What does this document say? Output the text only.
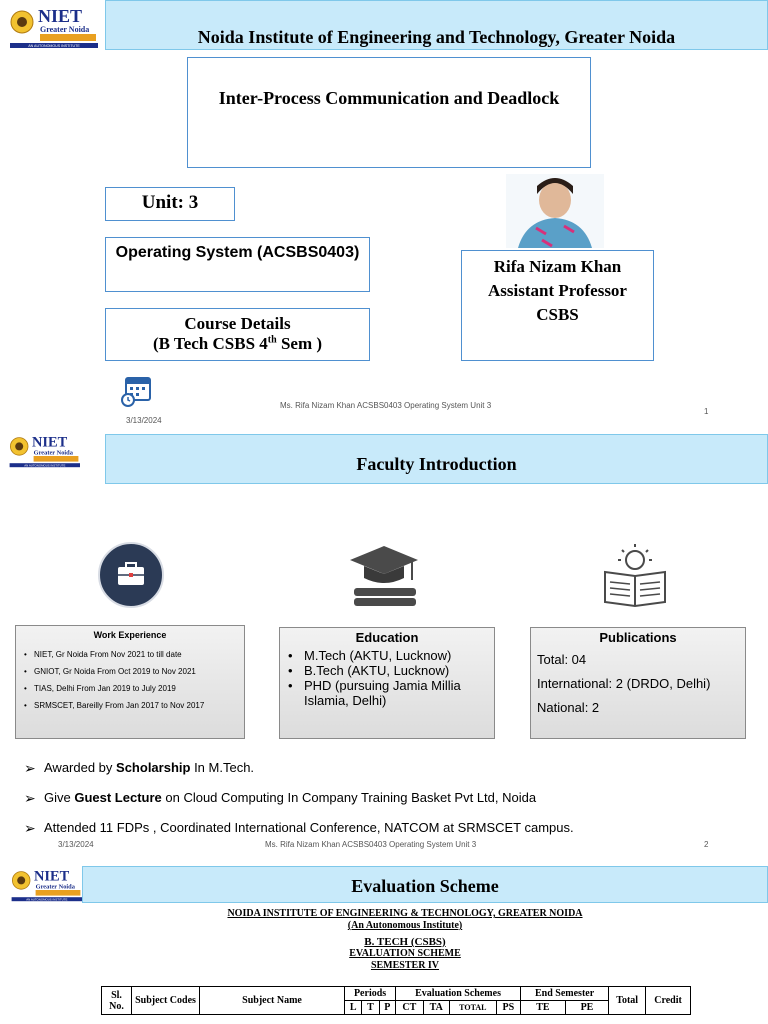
NIET
Greater Noida
AN AUTONOMOUS INSTITUTE	Noida Institute of Engineering and Technology, Greater Noida
Inter-Process Communication and Deadlock
Unit: 3
Operating System (ACSBS0403)
Course Details
(B Tech CSBS 4th Sem )
Rifa Nizam Khan
Assistant Professor
CSBS
3/13/2024
Ms. Rifa Nizam Khan ACSBS0403 Operating System Unit 3
1
NIET
Greater Noida
AN AUTONOMOUS INSTITUTE	Faculty Introduction
Work Experience
• NIET, Gr Noida From Nov 2021 to till date
• GNIOT, Gr Noida From Oct 2019 to Nov 2021
• TIAS, Delhi From Jan 2019 to July 2019
• SRMSCET, Bareilly From Jan 2017 to Nov 2017
Education
• M.Tech (AKTU, Lucknow)
• B.Tech (AKTU, Lucknow)
• PHD (pursuing Jamia Millia Islamia, Delhi)
Publications
Total: 04
International: 2 (DRDO, Delhi)
National: 2
➢ Awarded by Scholarship In M.Tech.
➢ Give Guest Lecture on Cloud Computing In Company Training Basket Pvt Ltd, Noida
➢ Attended 11 FDPs , Coordinated International Conference, NATCOM at SRMSCET campus.
3/13/2024	Ms. Rifa Nizam Khan ACSBS0403 Operating System Unit 3	2
NIET
Greater Noida
AN AUTONOMOUS INSTITUTE
Evaluation Scheme
NOIDA INSTITUTE OF ENGINEERING & TECHNOLOGY, GREATER NOIDA
(An Autonomous Institute)
B. TECH (CSBS)
EVALUATION SCHEME
SEMESTER IV
Sl. No.	Subject Codes	Subject Name	Periods			Evaluation Schemes				End Semester		Total	Credit
			L	T	P	CT	TA	TOTAL	PS	TE	PE		
